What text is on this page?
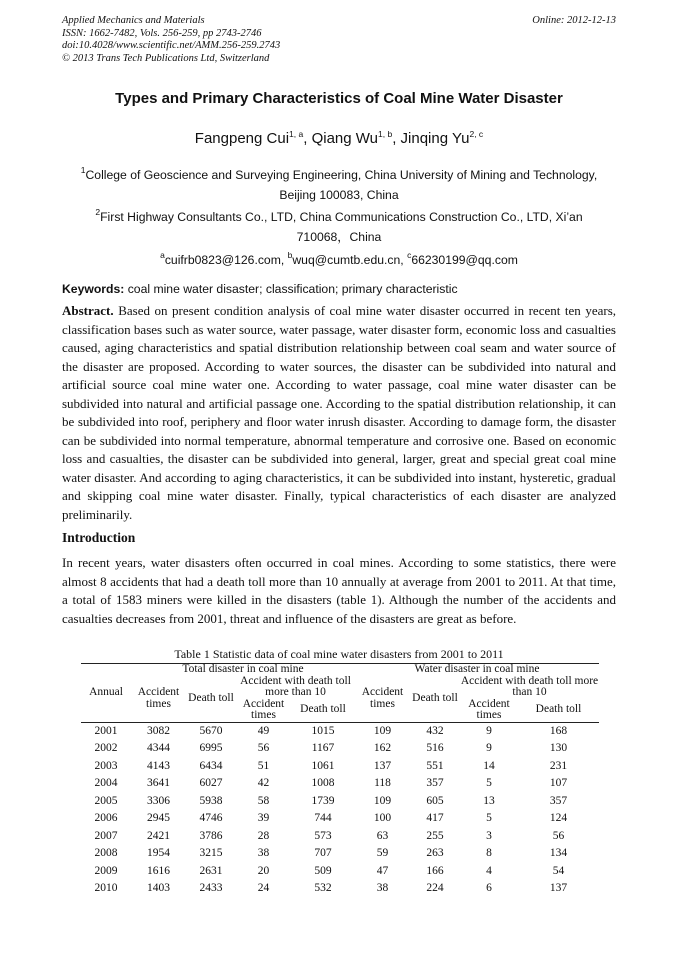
Applied Mechanics and Materials
ISSN: 1662-7482, Vols. 256-259, pp 2743-2746
doi:10.4028/www.scientific.net/AMM.256-259.2743
© 2013 Trans Tech Publications Ltd, Switzerland
Online: 2012-12-13
Types and Primary Characteristics of Coal Mine Water Disaster
Fangpeng Cui$^{1, a}$, Qiang Wu$^{1, b}$, Jinqing Yu$^{2, c}$
$^1$College of Geoscience and Surveying Engineering, China University of Mining and Technology,
Beijing 100083, China
$^2$First Highway Consultants Co., LTD, China Communications Construction Co., LTD, Xi’an
710068，China
$^a$cuifrb0823@126.com, $^b$wuq@cumtb.edu.cn, $^c$66230199@qq.com
Keywords: coal mine water disaster; classification; primary characteristic
Abstract. Based on present condition analysis of coal mine water disaster occurred in recent ten years, classification bases such as water source, water passage, water disaster form, economic loss and casualties caused, aging characteristics and spatial distribution relationship between coal seam and water source of the disaster are proposed. According to water sources, the disaster can be subdivided into natural and artificial source coal mine water one. According to water passage, coal mine water disaster can be subdivided into natural and artificial passage one. According to the spatial distribution relationship, it can be subdivided into roof, periphery and floor water inrush disaster. According to damage form, the disaster can be subdivided into normal temperature, abnormal temperature and corrosive one. Based on economic loss and casualties, the disaster can be subdivided into general, larger, great and special great coal mine water disaster. And according to aging characteristics, it can be subdivided into instant, hysteretic, gradual and skipping coal mine water disaster. Finally, typical characteristics of each disaster are analyzed preliminarily.
Introduction
In recent years, water disasters often occurred in coal mines. According to some statistics, there were almost 8 accidents that had a death toll more than 10 annually at average from 2001 to 2011. At that time, a total of 1583 miners were killed in the disasters (table 1). Although the number of the accidents and casualties decreases from 2001, threat and influence of the disasters are great as before.
Table 1 Statistic data of coal mine water disasters from 2001 to 2011
Annual	Total disaster in coal mine				Water disaster in coal mine			
	Accident times	Death toll	Accident with death toll more than 10		Accident times	Death toll	Accident with death toll more than 10	
			Accident times	Death toll			Accident times	Death toll
2001	3082	5670	49	1015	109	432	9	168
2002	4344	6995	56	1167	162	516	9	130
2003	4143	6434	51	1061	137	551	14	231
2004	3641	6027	42	1008	118	357	5	107
2005	3306	5938	58	1739	109	605	13	357
2006	2945	4746	39	744	100	417	5	124
2007	2421	3786	28	573	63	255	3	56
2008	1954	3215	38	707	59	263	8	134
2009	1616	2631	20	509	47	166	4	54
2010	1403	2433	24	532	38	224	6	137
